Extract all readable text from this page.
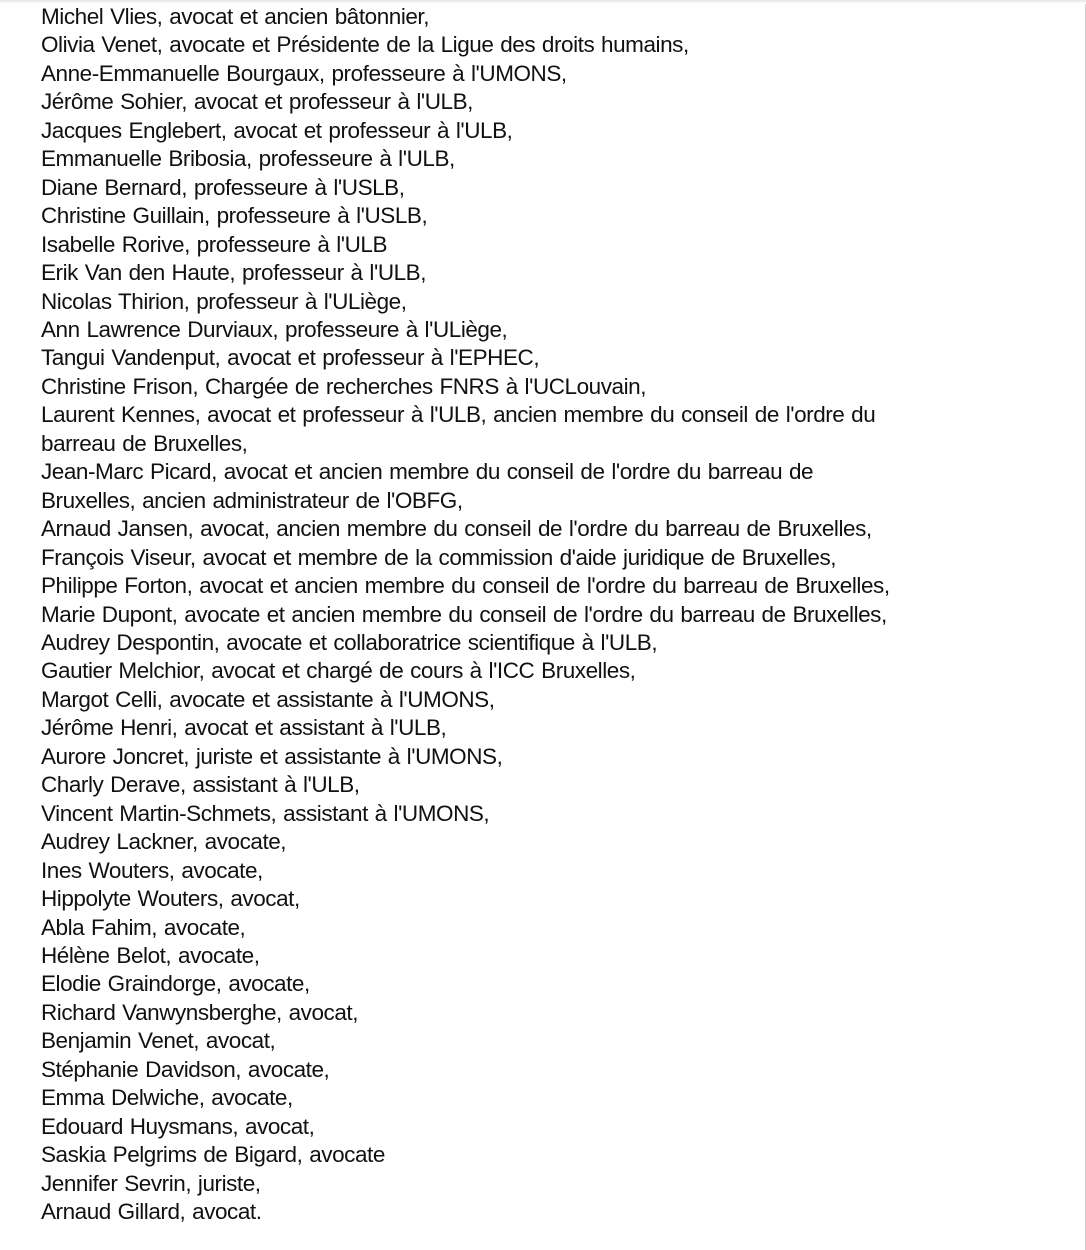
Michel Vlies, avocat et ancien bâtonnier,
Olivia Venet, avocate et Présidente de la Ligue des droits humains,
Anne-Emmanuelle Bourgaux, professeure à l'UMONS,
Jérôme Sohier, avocat et professeur à l'ULB,
Jacques Englebert, avocat et professeur à l'ULB,
Emmanuelle Bribosia, professeure à l'ULB,
Diane Bernard, professeure à l'USLB,
Christine Guillain, professeure à l'USLB,
Isabelle Rorive, professeure à l'ULB
Erik Van den Haute, professeur à l'ULB,
Nicolas Thirion, professeur à l'ULiège,
Ann Lawrence Durviaux, professeure à l'ULiège,
Tangui Vandenput, avocat et professeur à l'EPHEC,
Christine Frison, Chargée de recherches FNRS à l'UCLouvain,
Laurent Kennes, avocat et professeur à l'ULB, ancien membre du conseil de l'ordre du
barreau de Bruxelles,
Jean-Marc Picard, avocat et ancien membre du conseil de l'ordre du barreau de
Bruxelles, ancien administrateur de l'OBFG,
Arnaud Jansen, avocat, ancien membre du conseil de l'ordre du barreau de Bruxelles,
François Viseur, avocat et membre de la commission d'aide juridique de Bruxelles,
Philippe Forton, avocat et ancien membre du conseil de l'ordre du barreau de Bruxelles,
Marie Dupont, avocate et ancien membre du conseil de l'ordre du barreau de Bruxelles,
Audrey Despontin, avocate et collaboratrice scientifique à l'ULB,
Gautier Melchior, avocat et chargé de cours à l'ICC Bruxelles,
Margot Celli, avocate et assistante à l'UMONS,
Jérôme Henri, avocat et assistant à l'ULB,
Aurore Joncret, juriste et assistante à l'UMONS,
Charly Derave, assistant à l'ULB,
Vincent Martin-Schmets, assistant à l'UMONS,
Audrey Lackner, avocate,
Ines Wouters, avocate,
Hippolyte Wouters, avocat,
Abla Fahim, avocate,
Hélène Belot, avocate,
Elodie Graindorge, avocate,
Richard Vanwynsberghe, avocat,
Benjamin Venet, avocat,
Stéphanie Davidson, avocate,
Emma Delwiche, avocate,
Edouard Huysmans, avocat,
Saskia Pelgrims de Bigard, avocate
Jennifer Sevrin, juriste,
Arnaud Gillard, avocat.
